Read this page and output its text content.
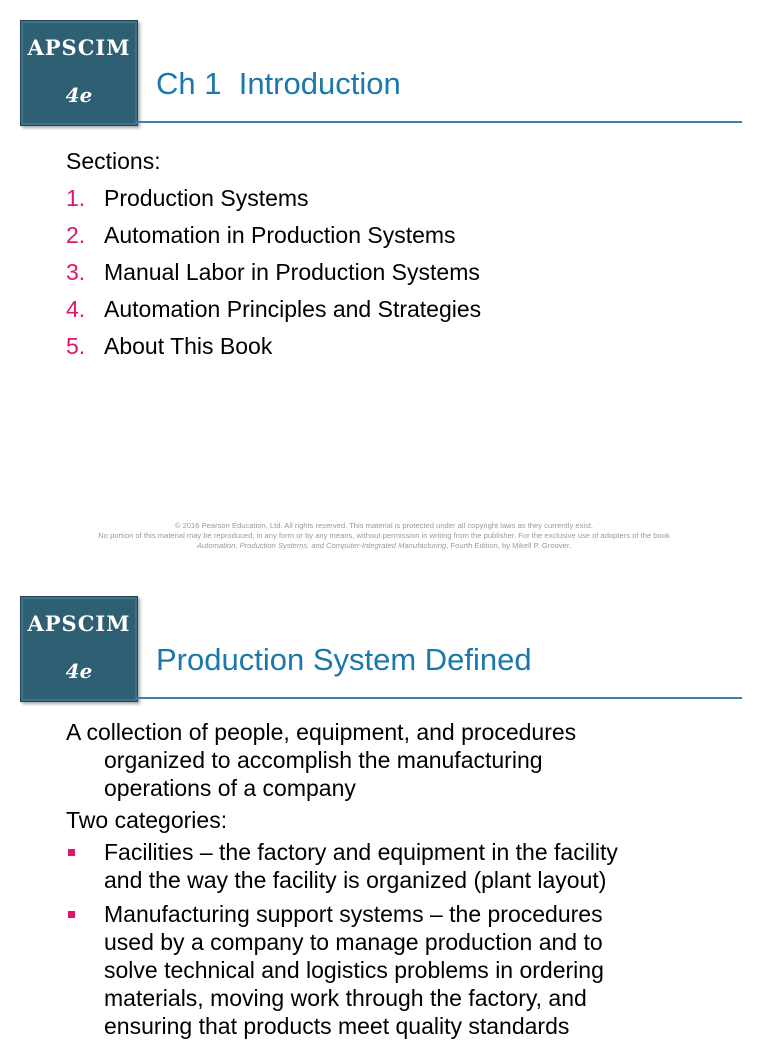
APSCIM
4e	Ch 1  Introduction
Sections:
1. Production Systems
2. Automation in Production Systems
3. Manual Labor in Production Systems
4. Automation Principles and Strategies
5. About This Book
© 2016 Pearson Education, Ltd. All rights reserved. This material is protected under all copyright laws as they currently exist.
No portion of this material may be reproduced, in any form or by any means, without permission in writing from the publisher. For the exclusive use of adopters of the book
Automation, Production Systems, and Computer-Integrated Manufacturing, Fourth Edition, by Mikell P. Groover.
APSCIM
4e	Production System Defined

A collection of people, equipment, and procedures
organized to accomplish the manufacturing
operations of a company

Two categories:
Facilities – the factory and equipment in the facility
and the way the facility is organized (plant layout)
Manufacturing support systems – the procedures
used by a company to manage production and to
solve technical and logistics problems in ordering
materials, moving work through the factory, and
ensuring that products meet quality standards
